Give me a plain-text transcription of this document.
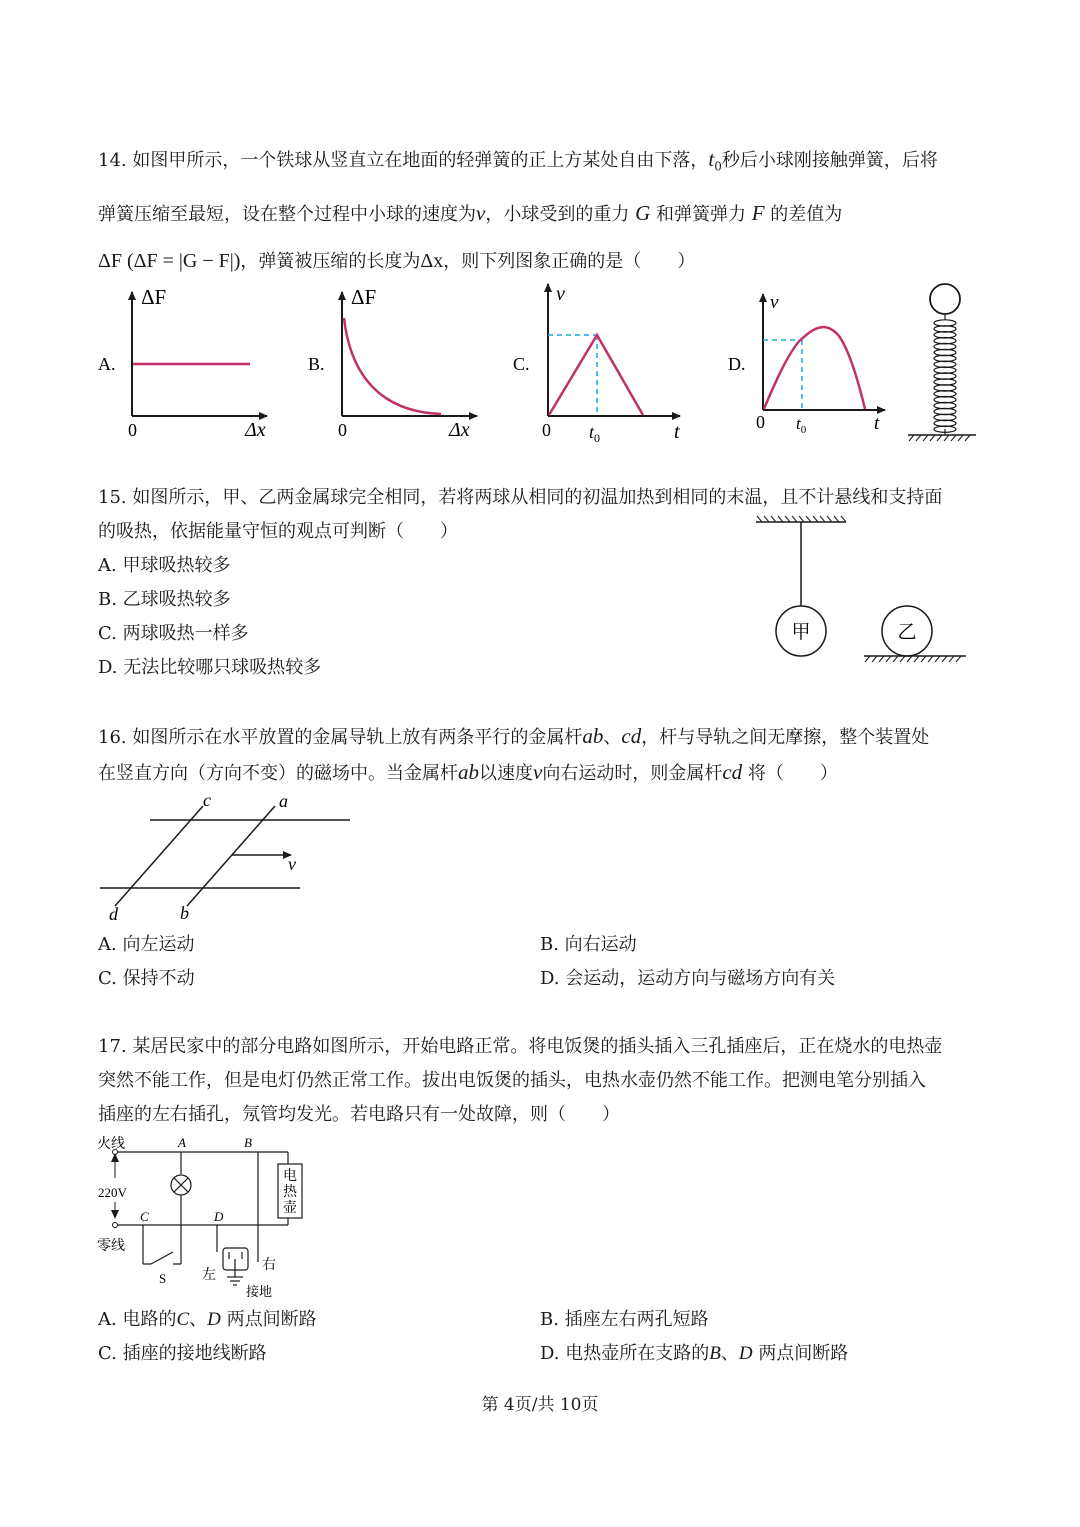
14. 如图甲所示，一个铁球从竖直立在地面的轻弹簧的正上方某处自由下落，$t_0$秒后小球刚接触弹簧，后将
弹簧压缩至最短，设在整个过程中小球的速度为v，小球受到的重力 G 和弹簧弹力 F 的差值为
ΔF (ΔF = |G − F|)，弹簧被压缩的长度为Δx，则下列图象正确的是（　　）
A.
ΔF
0	Δx
B.
ΔF
0	Δx
C.
v
0	t
$t_0$
D.
v
0	t
$t_0$
15. 如图所示，甲、乙两金属球完全相同，若将两球从相同的初温加热到相同的末温，且不计悬线和支持面
的吸热，依据能量守恒的观点可判断（　　）
A. 甲球吸热较多
B. 乙球吸热较多
C. 两球吸热一样多
D. 无法比较哪只球吸热较多
甲	乙
16. 如图所示在水平放置的金属导轨上放有两条平行的金属杆ab、cd，杆与导轨之间无摩擦，整个装置处
在竖直方向（方向不变）的磁场中。当金属杆ab以速度v向右运动时，则金属杆cd 将（　　）
c	a
d	b
v
A. 向左运动	B. 向右运动
C. 保持不动	D. 会运动，运动方向与磁场方向有关
17. 某居民家中的部分电路如图所示，开始电路正常。将电饭煲的插头插入三孔插座后，正在烧水的电热壶
突然不能工作，但是电灯仍然正常工作。拔出电饭煲的插头，电热水壶仍然不能工作。把测电笔分别插入
插座的左右插孔，氖管均发光。若电路只有一处故障，则（　　）
火线
零线
220V
A	B
C	D
S	左
右
接地
电
热
壶
A. 电路的C、D 两点间断路	B. 插座左右两孔短路
C. 插座的接地线断路	D. 电热壶所在支路的B、D 两点间断路
第 4页/共 10页
